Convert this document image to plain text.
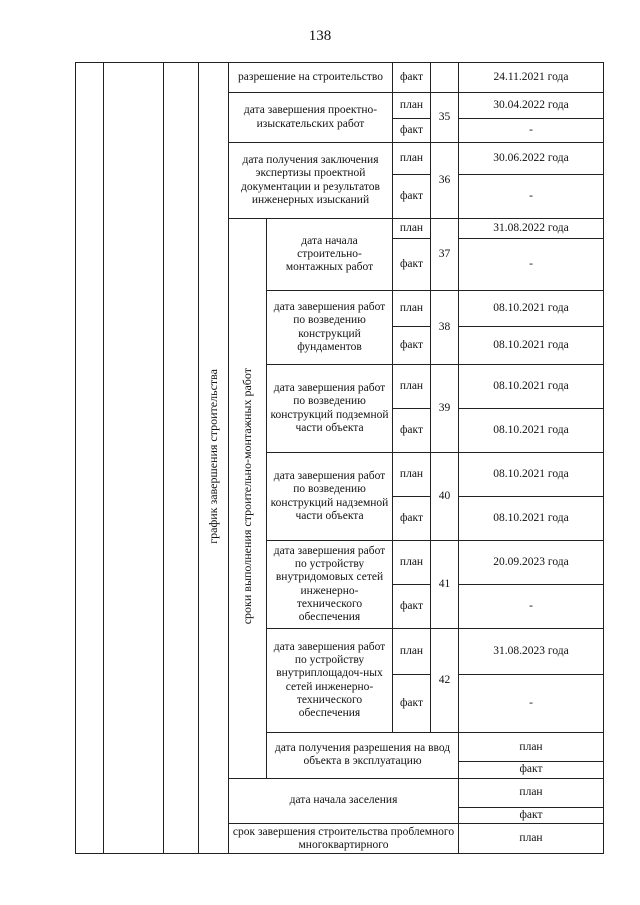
138
			график завершения строительства	разрешение на строительство		факт		24.11.2021 года	
				дата завершения проектно-изыскательских работ		план	35	30.04.2022 года	
						факт		-	
				дата получения заключения экспертизы проектной документации и результатов инженерных изысканий		план	36	30.06.2022 года	
						факт		-	
				сроки выполнения строительно-монтажных работ	дата начала строительно-монтажных работ	план	37	31.08.2022 года	
						факт		-	
					дата завершения работ по возведению конструкций фундаментов	план	38	08.10.2021 года	
						факт		08.10.2021 года	
					дата завершения работ по возведению конструкций подземной части объекта	план	39	08.10.2021 года	
						факт		08.10.2021 года	
					дата завершения работ по возведению конструкций надземной части объекта	план	40	08.10.2021 года	
						факт		08.10.2021 года	
					дата завершения работ по устройству внутридомовых сетей инженерно-технического обеспечения	план	41	20.09.2023 года	
						факт		-	
					дата завершения работ по устройству внутриплощадоч-ных сетей инженерно-технического обеспечения	план	42	31.08.2023 года	
						факт		-	
					дата получения разрешения на ввод объекта в эксплуатацию			план		
								факт	
				дата начала заселения				план		
								факт	
				срок завершения строительства проблемного многоквартирного				план		
